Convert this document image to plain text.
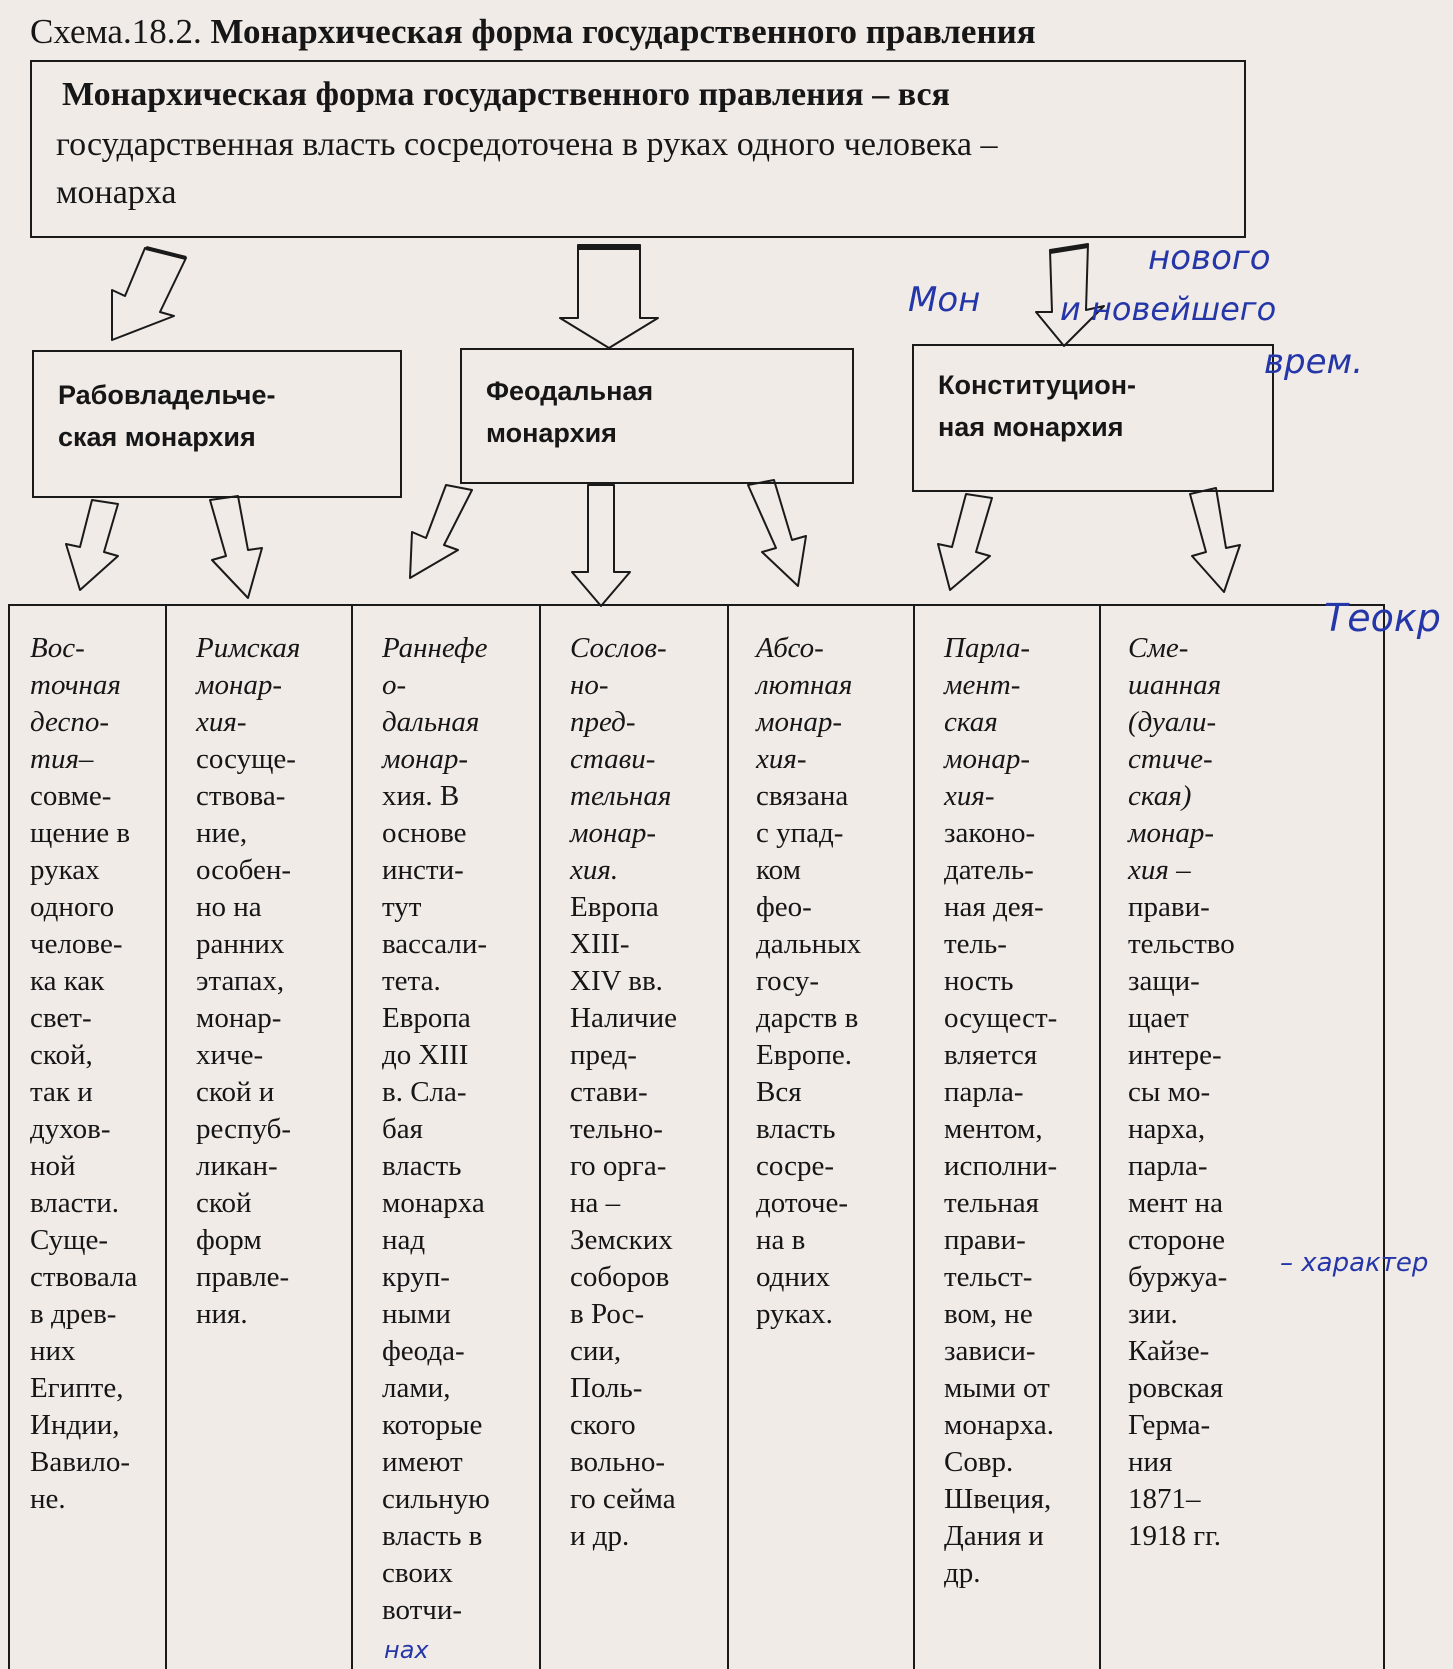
Схема.18.2. Монархическая форма государственного правления
Монархическая форма государственного правления – вся
государственная власть сосредоточена в руках одного человека –
монарха
Рабовладельче-
ская монархия
Феодальная
монархия
Конституцион-
ная монархия
Вос-
точная
деспо-
тия–
совме-
щение в
руках
одного
челове-
ка как
свет-
ской,
так и
духов-
ной
власти.
Суще-
ствовала
в древ-
них
Египте,
Индии,
Вавило-
не.
Римская
монар-
хия-
сосуще-
ствова-
ние,
особен-
но на
ранних
этапах,
монар-
хиче-
ской и
респуб-
ликан-
ской
форм
правле-
ния.
Раннефе
о-
дальная
монар-
хия. В
основе
инсти-
тут
вассали-
тета.
Европа
до XIII
в. Сла-
бая
власть
монарха
над
круп-
ными
феода-
лами,
которые
имеют
сильную
власть в
своих
вотчи-
Сослов-
но-
пред-
стави-
тельная
монар-
хия.
Европа
XIII-
XIV вв.
Наличие
пред-
стави-
тельно-
го орга-
на –
Земских
соборов
в Рос-
сии,
Поль-
ского
вольно-
го сейма
и др.
Абсо-
лютная
монар-
хия-
связана
с упад-
ком
фео-
дальных
госу-
дарств в
Европе.
Вся
власть
сосре-
доточе-
на в
одних
руках.
Парла-
мент-
ская
монар-
хия-
законо-
датель-
ная дея-
тель-
ность
осущест-
вляется
парла-
ментом,
исполни-
тельная
прави-
тельст-
вом, не
зависи-
мыми от
монарха.
Совр.
Швеция,
Дания и
др.
Сме-
шанная
(дуали-
стиче-
ская)
монар-
хия –
прави-
тельство
защи-
щает
интере-
сы мо-
нарха,
парла-
мент на
стороне
буржуа-
зии.
Кайзе-
ровская
Герма-
ния
1871–
1918 гг.
нового
Мон и новейшего
врем.
Теокр
– характер
нах
